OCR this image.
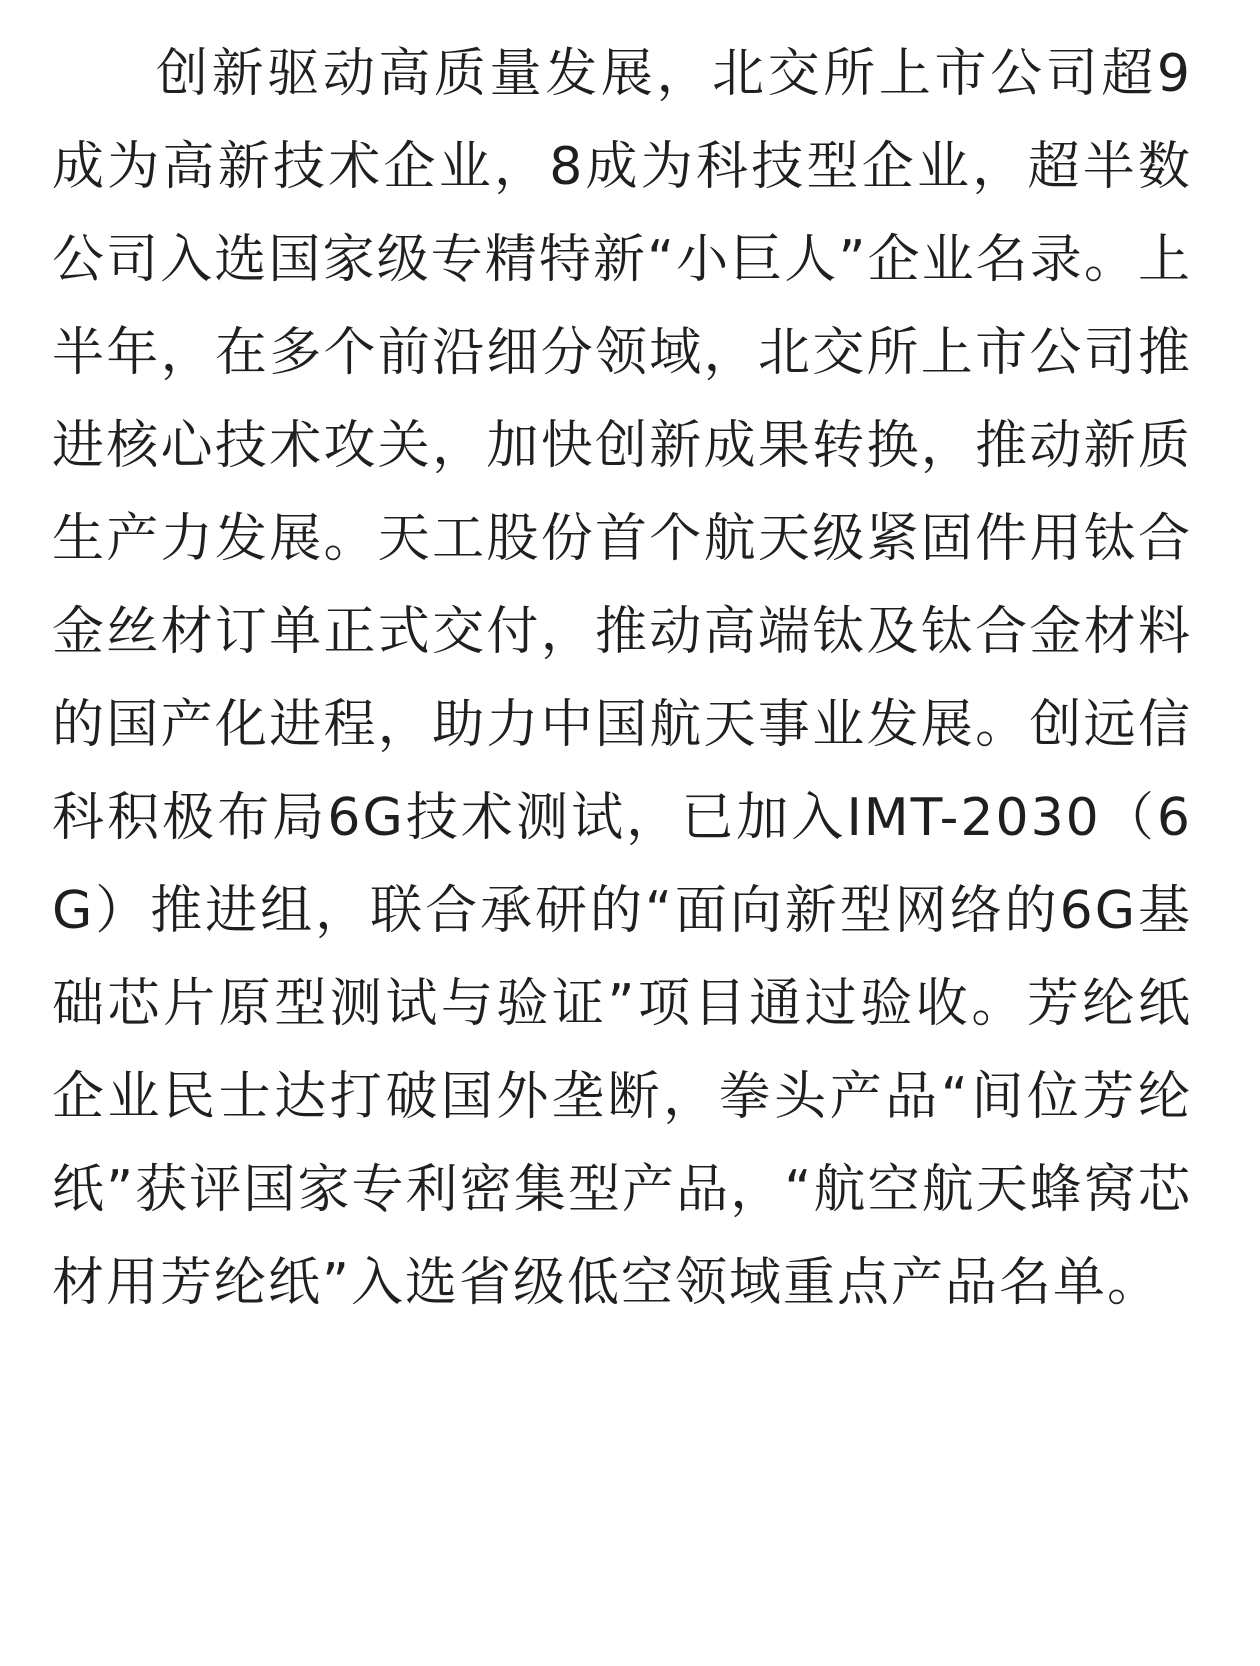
创新驱动高质量发展，北交所上市公司超9成为高新技术企业，8成为科技型企业，超半数公司入选国家级专精特新“小巨人”企业名录。上半年，在多个前沿细分领域，北交所上市公司推进核心技术攻关，加快创新成果转换，推动新质生产力发展。天工股份首个航天级紧固件用钛合金丝材订单正式交付，推动高端钛及钛合金材料的国产化进程，助力中国航天事业发展。创远信科积极布局6G技术测试，已加入IMT-2030（6G）推进组，联合承研的“面向新型网络的6G基础芯片原型测试与验证”项目通过验收。芳纶纸企业民士达打破国外垄断，拳头产品“间位芳纶纸”获评国家专利密集型产品，“航空航天蜂窝芯材用芳纶纸”入选省级低空领域重点产品名单。
